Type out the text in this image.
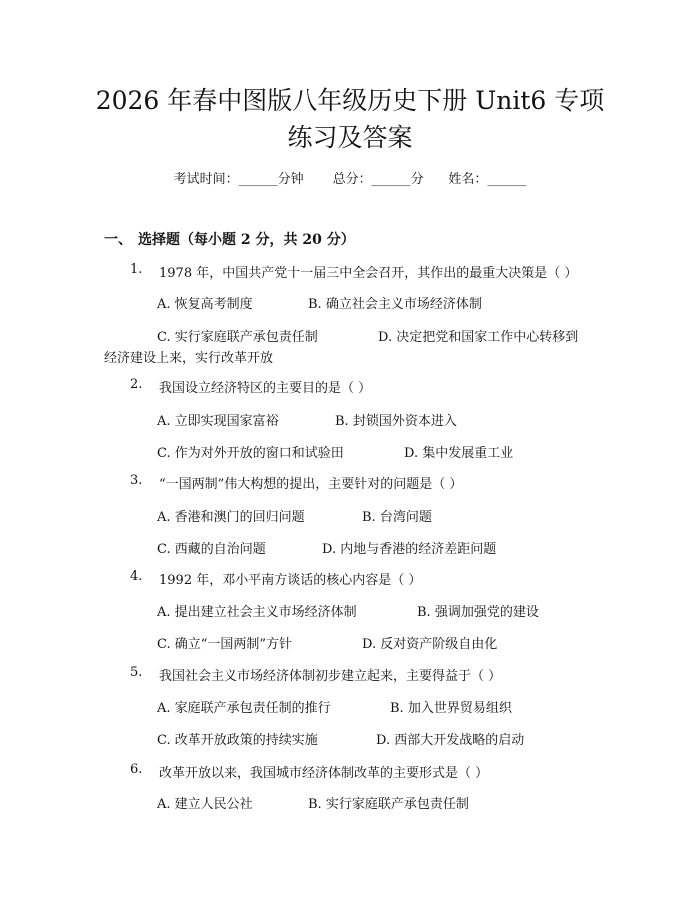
2026 年春中图版八年级历史下册 Unit6 专项
练习及答案
考试时间：______分钟 总分：______分 姓名：______
一、 选择题（每小题 2 分，共 20 分）
1. 1978 年，中国共产党十一届三中全会召开，其作出的最重大决策是（ ）
A. 恢复高考制度	B. 确立社会主义市场经济体制
C. 实行家庭联产承包责任制	D. 决定把党和国家工作中心转移到
经济建设上来，实行改革开放
2. 我国设立经济特区的主要目的是（ ）
A. 立即实现国家富裕	B. 封锁国外资本进入
C. 作为对外开放的窗口和试验田	D. 集中发展重工业
3. “一国两制”伟大构想的提出，主要针对的问题是（ ）
A. 香港和澳门的回归问题	B. 台湾问题
C. 西藏的自治问题	D. 内地与香港的经济差距问题
4. 1992 年，邓小平南方谈话的核心内容是（ ）
A. 提出建立社会主义市场经济体制	B. 强调加强党的建设
C. 确立“一国两制”方针	D. 反对资产阶级自由化
5. 我国社会主义市场经济体制初步建立起来，主要得益于（ ）
A. 家庭联产承包责任制的推行	B. 加入世界贸易组织
C. 改革开放政策的持续实施	D. 西部大开发战略的启动
6. 改革开放以来，我国城市经济体制改革的主要形式是（ ）
A. 建立人民公社	B. 实行家庭联产承包责任制
